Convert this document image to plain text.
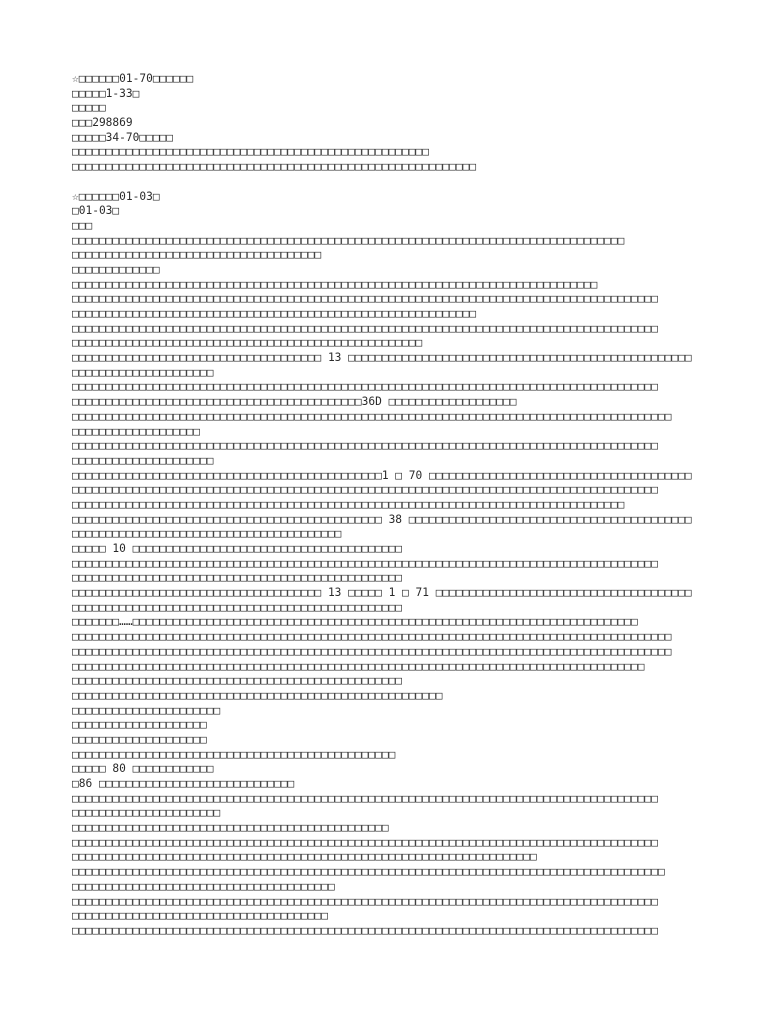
☆□□□□□□01-70□□□□□□
□□□□□1-33□
□□□□□
□□□298869
□□□□□34-70□□□□□
□□□□□□□□□□□□□□□□□□□□□□□□□□□□□□□□□□□□□□□□□□□□□□□□□□□□□
□□□□□□□□□□□□□□□□□□□□□□□□□□□□□□□□□□□□□□□□□□□□□□□□□□□□□□□□□□□□
☆□□□□□□01-03□
□01-03□
□□□
□□□□□□□□□□□□□□□□□□□□□□□□□□□□□□□□□□□□□□□□□□□□□□□□□□□□□□□□□□□□□□□□□□□□□□□□□□□□□□□□□□
□□□□□□□□□□□□□□□□□□□□□□□□□□□□□□□□□□□□□
□□□□□□□□□□□□□
□□□□□□□□□□□□□□□□□□□□□□□□□□□□□□□□□□□□□□□□□□□□□□□□□□□□□□□□□□□□□□□□□□□□□□□□□□□□□□
□□□□□□□□□□□□□□□□□□□□□□□□□□□□□□□□□□□□□□□□□□□□□□□□□□□□□□□□□□□□□□□□□□□□□□□□□□□□□□□□□□□□□□□
□□□□□□□□□□□□□□□□□□□□□□□□□□□□□□□□□□□□□□□□□□□□□□□□□□□□□□□□□□□□
□□□□□□□□□□□□□□□□□□□□□□□□□□□□□□□□□□□□□□□□□□□□□□□□□□□□□□□□□□□□□□□□□□□□□□□□□□□□□□□□□□□□□□□
□□□□□□□□□□□□□□□□□□□□□□□□□□□□□□□□□□□□□□□□□□□□□□□□□□□□
□□□□□□□□□□□□□□□□□□□□□□□□□□□□□□□□□□□□□ 13 □□□□□□□□□□□□□□□□□□□□□□□□□□□□□□□□□□□□□□□□□□□□□□□□□□□
□□□□□□□□□□□□□□□□□□□□□
□□□□□□□□□□□□□□□□□□□□□□□□□□□□□□□□□□□□□□□□□□□□□□□□□□□□□□□□□□□□□□□□□□□□□□□□□□□□□□□□□□□□□□□
□□□□□□□□□□□□□□□□□□□□□□□□□□□□□□□□□□□□□□□□□□□36D □□□□□□□□□□□□□□□□□□□
□□□□□□□□□□□□□□□□□□□□□□□□□□□□□□□□□□□□□□□□□□□□□□□□□□□□□□□□□□□□□□□□□□□□□□□□□□□□□□□□□□□□□□□□□
□□□□□□□□□□□□□□□□□□□
□□□□□□□□□□□□□□□□□□□□□□□□□□□□□□□□□□□□□□□□□□□□□□□□□□□□□□□□□□□□□□□□□□□□□□□□□□□□□□□□□□□□□□□
□□□□□□□□□□□□□□□□□□□□□
□□□□□□□□□□□□□□□□□□□□□□□□□□□□□□□□□□□□□□□□□□□□□□1 □ 70 □□□□□□□□□□□□□□□□□□□□□□□□□□□□□□□□□□□□□□□
□□□□□□□□□□□□□□□□□□□□□□□□□□□□□□□□□□□□□□□□□□□□□□□□□□□□□□□□□□□□□□□□□□□□□□□□□□□□□□□□□□□□□□□
□□□□□□□□□□□□□□□□□□□□□□□□□□□□□□□□□□□□□□□□□□□□□□□□□□□□□□□□□□□□□□□□□□□□□□□□□□□□□□□□□□
□□□□□□□□□□□□□□□□□□□□□□□□□□□□□□□□□□□□□□□□□□□□□□ 38 □□□□□□□□□□□□□□□□□□□□□□□□□□□□□□□□□□□□□□□□□□
□□□□□□□□□□□□□□□□□□□□□□□□□□□□□□□□□□□□□□□□
□□□□□ 10 □□□□□□□□□□□□□□□□□□□□□□□□□□□□□□□□□□□□□□□□
□□□□□□□□□□□□□□□□□□□□□□□□□□□□□□□□□□□□□□□□□□□□□□□□□□□□□□□□□□□□□□□□□□□□□□□□□□□□□□□□□□□□□□□
□□□□□□□□□□□□□□□□□□□□□□□□□□□□□□□□□□□□□□□□□□□□□□□□□
□□□□□□□□□□□□□□□□□□□□□□□□□□□□□□□□□□□□□ 13 □□□□□ 1 □ 71 □□□□□□□□□□□□□□□□□□□□□□□□□□□□□□□□□□□□□□
□□□□□□□□□□□□□□□□□□□□□□□□□□□□□□□□□□□□□□□□□□□□□□□□□
□□□□□□□……□□□□□□□□□□□□□□□□□□□□□□□□□□□□□□□□□□□□□□□□□□□□□□□□□□□□□□□□□□□□□□□□□□□□□□□□□□□
□□□□□□□□□□□□□□□□□□□□□□□□□□□□□□□□□□□□□□□□□□□□□□□□□□□□□□□□□□□□□□□□□□□□□□□□□□□□□□□□□□□□□□□□□
□□□□□□□□□□□□□□□□□□□□□□□□□□□□□□□□□□□□□□□□□□□□□□□□□□□□□□□□□□□□□□□□□□□□□□□□□□□□□□□□□□□□□□□□□
□□□□□□□□□□□□□□□□□□□□□□□□□□□□□□□□□□□□□□□□□□□□□□□□□□□□□□□□□□□□□□□□□□□□□□□□□□□□□□□□□□□□□
□□□□□□□□□□□□□□□□□□□□□□□□□□□□□□□□□□□□□□□□□□□□□□□□□
□□□□□□□□□□□□□□□□□□□□□□□□□□□□□□□□□□□□□□□□□□□□□□□□□□□□□□□
□□□□□□□□□□□□□□□□□□□□□□
□□□□□□□□□□□□□□□□□□□□
□□□□□□□□□□□□□□□□□□□□
□□□□□□□□□□□□□□□□□□□□□□□□□□□□□□□□□□□□□□□□□□□□□□□□
□□□□□ 80 □□□□□□□□□□□□
□86 □□□□□□□□□□□□□□□□□□□□□□□□□□□□□
□□□□□□□□□□□□□□□□□□□□□□□□□□□□□□□□□□□□□□□□□□□□□□□□□□□□□□□□□□□□□□□□□□□□□□□□□□□□□□□□□□□□□□□
□□□□□□□□□□□□□□□□□□□□□□
□□□□□□□□□□□□□□□□□□□□□□□□□□□□□□□□□□□□□□□□□□□□□□□
□□□□□□□□□□□□□□□□□□□□□□□□□□□□□□□□□□□□□□□□□□□□□□□□□□□□□□□□□□□□□□□□□□□□□□□□□□□□□□□□□□□□□□□
□□□□□□□□□□□□□□□□□□□□□□□□□□□□□□□□□□□□□□□□□□□□□□□□□□□□□□□□□□□□□□□□□□□□□
□□□□□□□□□□□□□□□□□□□□□□□□□□□□□□□□□□□□□□□□□□□□□□□□□□□□□□□□□□□□□□□□□□□□□□□□□□□□□□□□□□□□□□□□
□□□□□□□□□□□□□□□□□□□□□□□□□□□□□□□□□□□□□□□
□□□□□□□□□□□□□□□□□□□□□□□□□□□□□□□□□□□□□□□□□□□□□□□□□□□□□□□□□□□□□□□□□□□□□□□□□□□□□□□□□□□□□□□
□□□□□□□□□□□□□□□□□□□□□□□□□□□□□□□□□□□□□□
□□□□□□□□□□□□□□□□□□□□□□□□□□□□□□□□□□□□□□□□□□□□□□□□□□□□□□□□□□□□□□□□□□□□□□□□□□□□□□□□□□□□□□□
